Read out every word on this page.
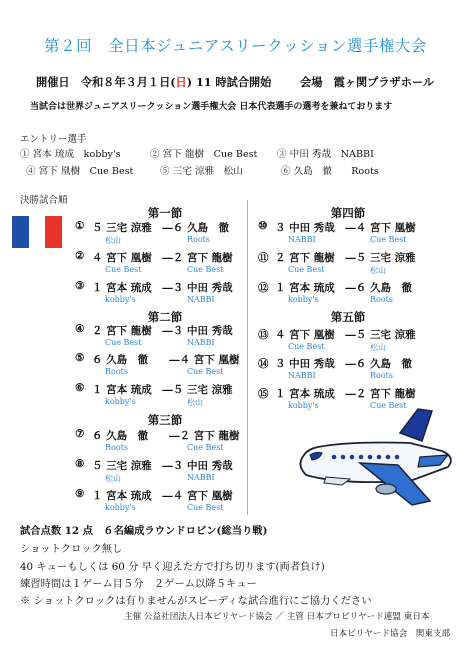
第２回　全日本ジュニアスリークッション選手権大会
開催日　令和８年３月１日(日) 11 時試合開始	会場　霞ヶ関プラザホール
当試合は世界ジュニアスリークッション選手権大会 日本代表選手の選考を兼ねております
エントリー選手
① 宮本 琉成　kobby's	② 宮下 龍樹　Cue Best ③ 中田 秀哉　NABBI
④ 宮下 凰樹　Cue Best	⑤ 三宅 涼雅　松山	⑥ 久島　徹　　Roots
決勝試合順
第一節
① ５ 三宅 涼雅　―６ 久島　徹
松山	Roots
② ４ 宮下 凰樹　―２ 宮下 龍樹
Cue Best	Cue Best
③ １ 宮本 琉成　―３ 中田 秀哉
kobby's	NABBI
第二節
④ ２ 宮下 龍樹　―３ 中田 秀哉
Cue Best	NABBI
⑤ ６ 久島　徹　　―４ 宮下 凰樹
Roots	Cue Best
⑥ １ 宮本 琉成　―５ 三宅 涼雅
kobby's	松山
第三節
⑦ ６ 久島　徹　　―２ 宮下 龍樹
Roots	Cue Best
⑧ ５ 三宅 涼雅　―３ 中田 秀哉
松山	NABBI
⑨ １ 宮本 琉成　―４ 宮下 凰樹
kobby's	Cue Best
第四節
⑩ ３ 中田 秀哉　―４ 宮下 凰樹
NABBI	Cue Best
⑪ ２ 宮下 龍樹　―５ 三宅 涼雅
Cue Best	松山
⑫ １ 宮本 琉成　―６ 久島　徹
kobby's	Roots
第五節
⑬ ４ 宮下 凰樹　―５ 三宅 涼雅
Cue Best	松山
⑭ ３ 中田 秀哉　―６ 久島　徹
NABBI	Roots
⑮ １ 宮本 琉成　―２ 宮下 龍樹
kobby's	Cue Best
試合点数 12 点　６名編成ラウンドロビン(総当り戦)
ショットクロック無し
40 キューもしくは 60 分 早く迎えた方で打ち切ります(両者負け)
練習時間は１ゲーム目５分　２ゲーム以降５キュー
※ ショットクロックは有りませんがスピーディな試合進行にご協力ください
主催 公益社団法人日本ビリヤード協会 ／ 主管 日本プロビリヤード連盟 東日本
日本ビリヤード協会　関東支部
